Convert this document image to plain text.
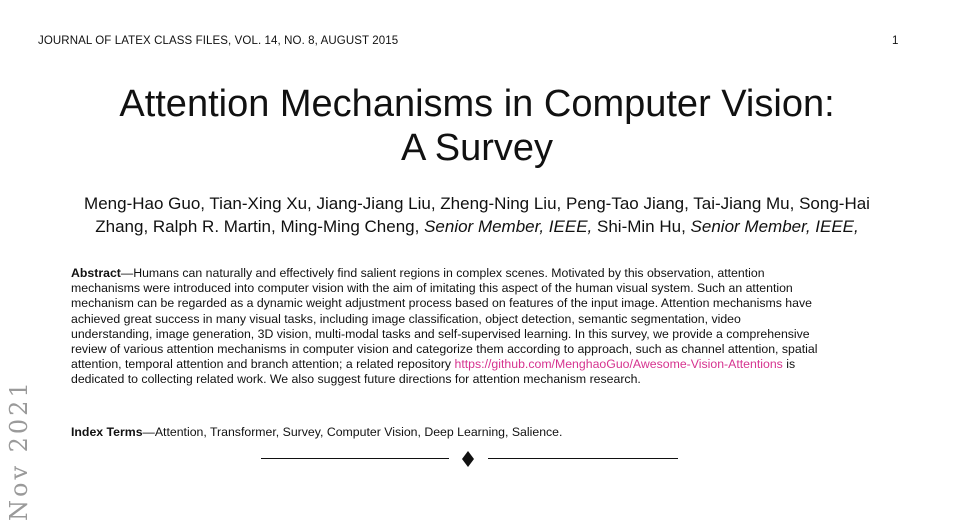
JOURNAL OF LATEX CLASS FILES, VOL. 14, NO. 8, AUGUST 2015	1
Attention Mechanisms in Computer Vision:
A Survey
Meng-Hao Guo, Tian-Xing Xu, Jiang-Jiang Liu, Zheng-Ning Liu, Peng-Tao Jiang, Tai-Jiang Mu, Song-Hai
Zhang, Ralph R. Martin, Ming-Ming Cheng, Senior Member, IEEE, Shi-Min Hu, Senior Member, IEEE,
Abstract—Humans can naturally and effectively find salient regions in complex scenes. Motivated by this observation, attention
mechanisms were introduced into computer vision with the aim of imitating this aspect of the human visual system. Such an attention
mechanism can be regarded as a dynamic weight adjustment process based on features of the input image. Attention mechanisms have
achieved great success in many visual tasks, including image classification, object detection, semantic segmentation, video
understanding, image generation, 3D vision, multi-modal tasks and self-supervised learning. In this survey, we provide a comprehensive
review of various attention mechanisms in computer vision and categorize them according to approach, such as channel attention, spatial
attention, temporal attention and branch attention; a related repository https://github.com/MenghaoGuo/Awesome-Vision-Attentions is
dedicated to collecting related work. We also suggest future directions for attention mechanism research.
Index Terms—Attention, Transformer, Survey, Computer Vision, Deep Learning, Salience.
Nov 2021
